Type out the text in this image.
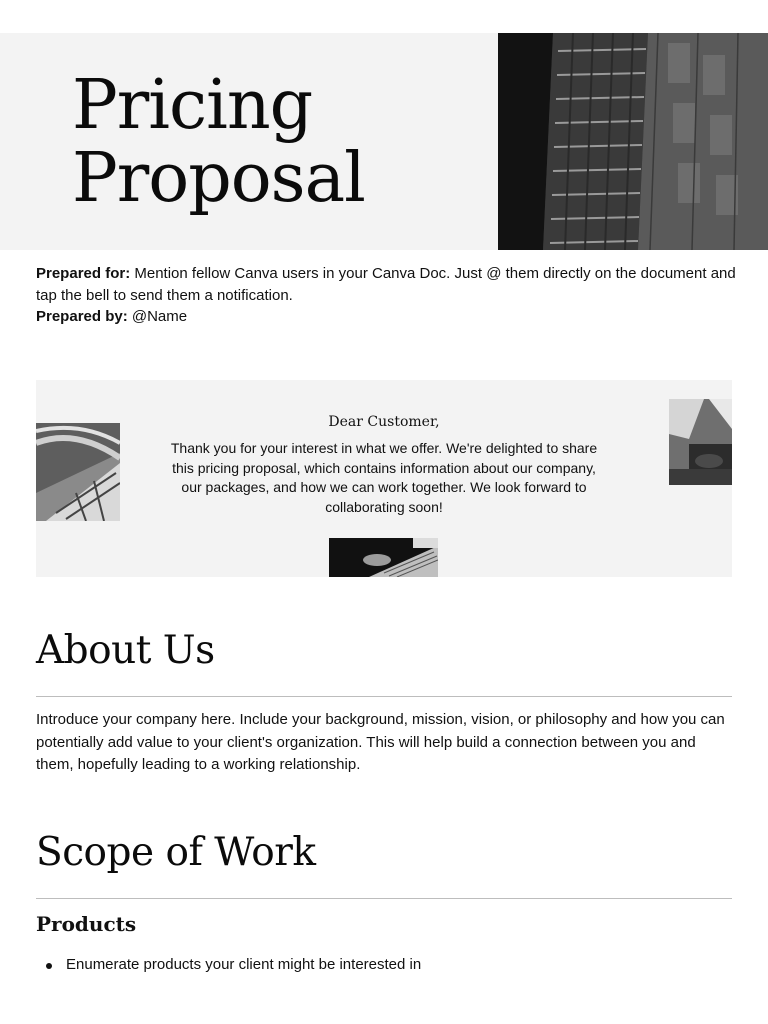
Pricing
Proposal
Prepared for: Mention fellow Canva users in your Canva Doc. Just @ them directly on the document and tap the bell to send them a notification.
Prepared by: @Name
Dear Customer,
Thank you for your interest in what we offer. We're delighted to share this pricing proposal, which contains information about our company, our packages, and how we can work together. We look forward to collaborating soon!
About Us

Introduce your company here. Include your background, mission, vision, or philosophy and how you can potentially add value to your client's organization. This will help build a connection between you and them, hopefully leading to a working relationship.

Scope of Work
Products
Enumerate products your client might be interested in
